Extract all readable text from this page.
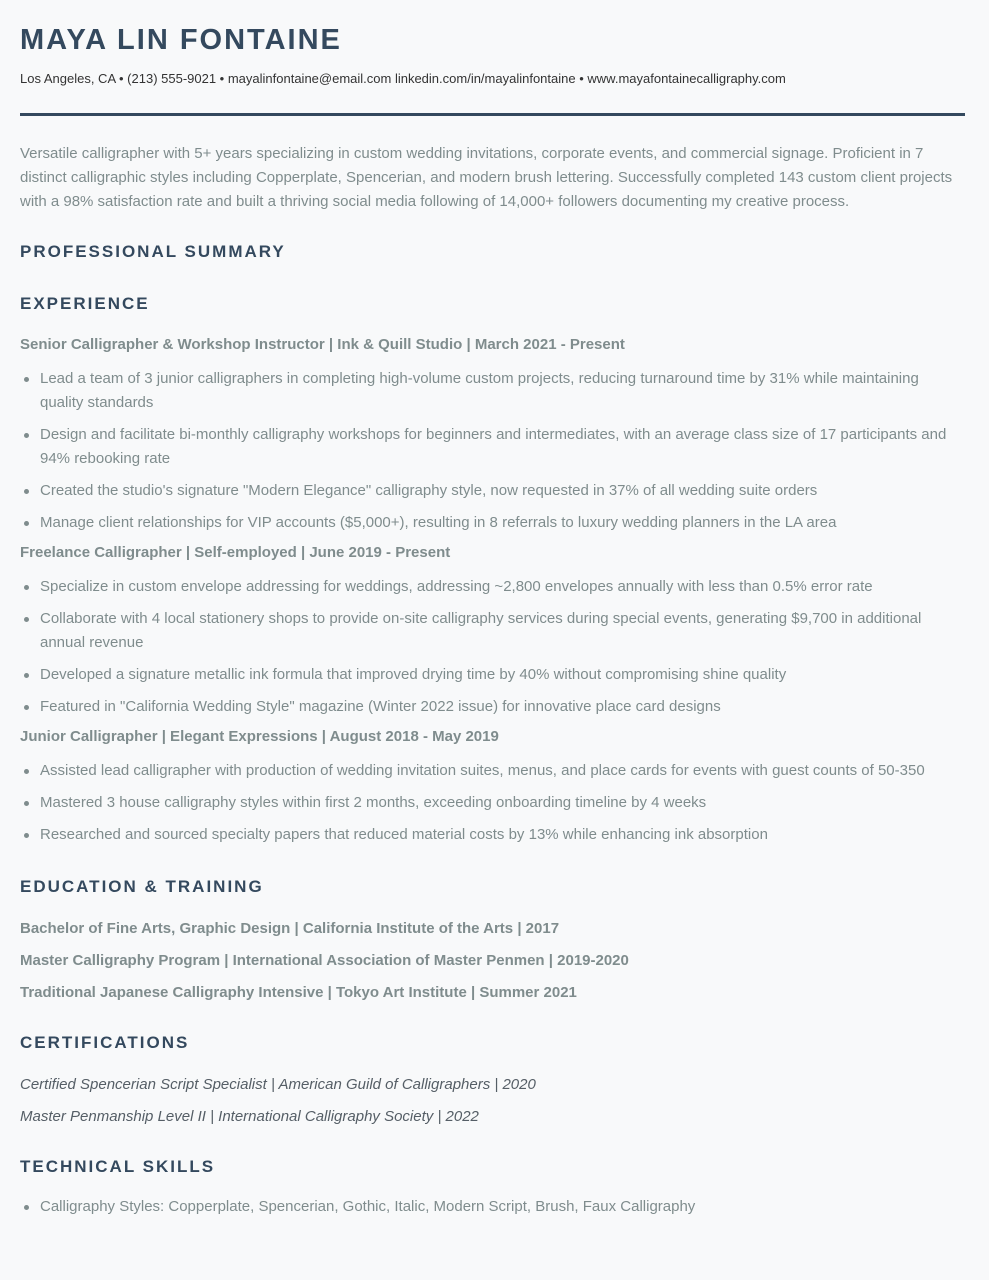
MAYA LIN FONTAINE
Los Angeles, CA • (213) 555-9021 • mayalinfontaine@email.com linkedin.com/in/mayalinfontaine • www.mayafontainecalligraphy.com
Versatile calligrapher with 5+ years specializing in custom wedding invitations, corporate events, and commercial signage. Proficient in 7 distinct calligraphic styles including Copperplate, Spencerian, and modern brush lettering. Successfully completed 143 custom client projects with a 98% satisfaction rate and built a thriving social media following of 14,000+ followers documenting my creative process.
PROFESSIONAL SUMMARY
EXPERIENCE
Senior Calligrapher & Workshop Instructor | Ink & Quill Studio | March 2021 - Present
Lead a team of 3 junior calligraphers in completing high-volume custom projects, reducing turnaround time by 31% while maintaining quality standards
Design and facilitate bi-monthly calligraphy workshops for beginners and intermediates, with an average class size of 17 participants and 94% rebooking rate
Created the studio's signature "Modern Elegance" calligraphy style, now requested in 37% of all wedding suite orders
Manage client relationships for VIP accounts ($5,000+), resulting in 8 referrals to luxury wedding planners in the LA area
Freelance Calligrapher | Self-employed | June 2019 - Present
Specialize in custom envelope addressing for weddings, addressing ~2,800 envelopes annually with less than 0.5% error rate
Collaborate with 4 local stationery shops to provide on-site calligraphy services during special events, generating $9,700 in additional annual revenue
Developed a signature metallic ink formula that improved drying time by 40% without compromising shine quality
Featured in "California Wedding Style" magazine (Winter 2022 issue) for innovative place card designs
Junior Calligrapher | Elegant Expressions | August 2018 - May 2019
Assisted lead calligrapher with production of wedding invitation suites, menus, and place cards for events with guest counts of 50-350
Mastered 3 house calligraphy styles within first 2 months, exceeding onboarding timeline by 4 weeks
Researched and sourced specialty papers that reduced material costs by 13% while enhancing ink absorption
EDUCATION & TRAINING
Bachelor of Fine Arts, Graphic Design | California Institute of the Arts | 2017
Master Calligraphy Program | International Association of Master Penmen | 2019-2020
Traditional Japanese Calligraphy Intensive | Tokyo Art Institute | Summer 2021
CERTIFICATIONS
Certified Spencerian Script Specialist | American Guild of Calligraphers | 2020
Master Penmanship Level II | International Calligraphy Society | 2022
TECHNICAL SKILLS
Calligraphy Styles: Copperplate, Spencerian, Gothic, Italic, Modern Script, Brush, Faux Calligraphy
